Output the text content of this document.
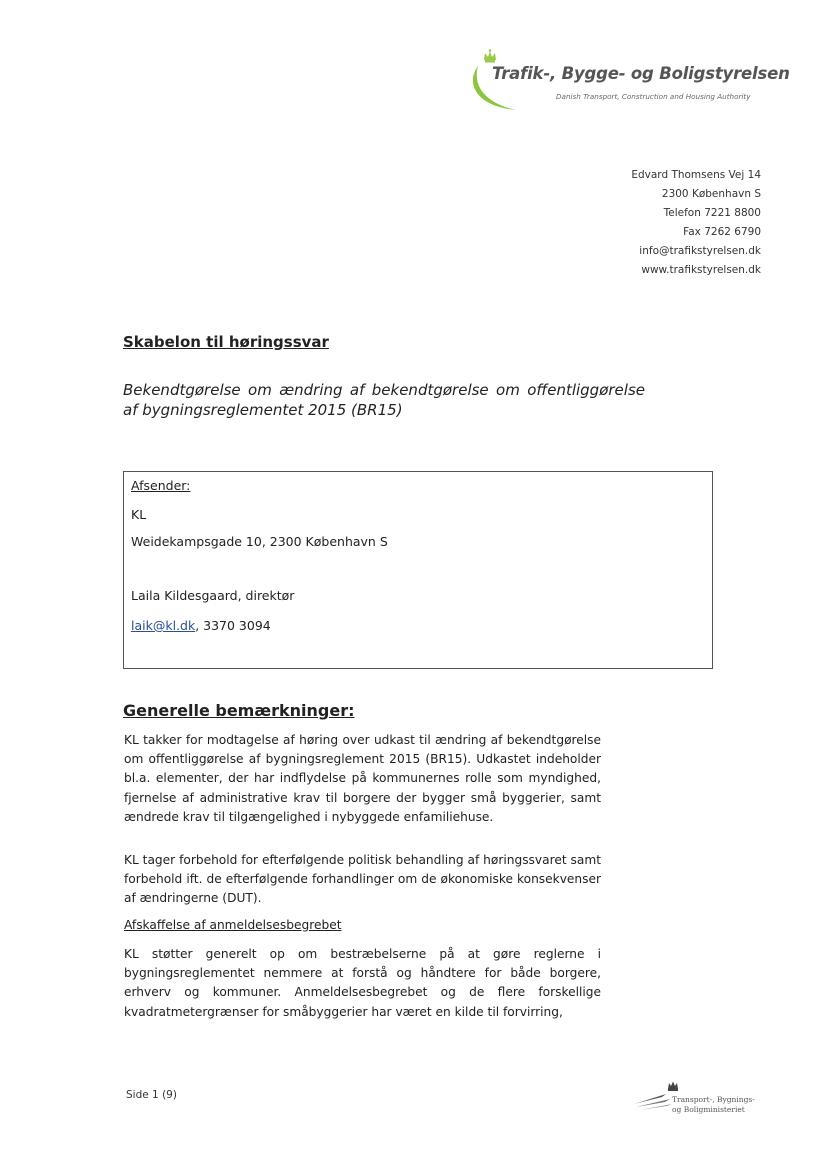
Trafik-, Bygge- og Boligstyrelsen
Danish Transport, Construction and Housing Authority
Edvard Thomsens Vej 14
2300 København S
Telefon 7221 8800
Fax 7262 6790
info@trafikstyrelsen.dk
www.trafikstyrelsen.dk
Skabelon til høringssvar
Bekendtgørelse om ændring af bekendtgørelse om offentliggørelse af bygningsreglementet 2015 (BR15)
Afsender:
KL
Weidekampsgade 10, 2300 København S
Laila Kildesgaard, direktør
laik@kl.dk, 3370 3094
Generelle bemærkninger:
KL takker for modtagelse af høring over udkast til ændring af bekendtgørelse om offentliggørelse af bygningsreglement 2015 (BR15). Udkastet indeholder bl.a. elementer, der har indflydelse på kommunernes rolle som myndighed, fjernelse af administrative krav til borgere der bygger små byggerier, samt ændrede krav til tilgængelighed i nybyggede enfamiliehuse.
KL tager forbehold for efterfølgende politisk behandling af høringssvaret samt forbehold ift. de efterfølgende forhandlinger om de økonomiske konsekvenser af ændringerne (DUT).
Afskaffelse af anmeldelsesbegrebet
KL støtter generelt op om bestræbelserne på at gøre reglerne i bygningsreglementet nemmere at forstå og håndtere for både borgere, erhverv og kommuner. Anmeldelsesbegrebet og de flere forskellige kvadratmetergrænser for småbyggerier har været en kilde til forvirring,
Side 1 (9)	Transport-, Bygnings-
og Boligministeriet
